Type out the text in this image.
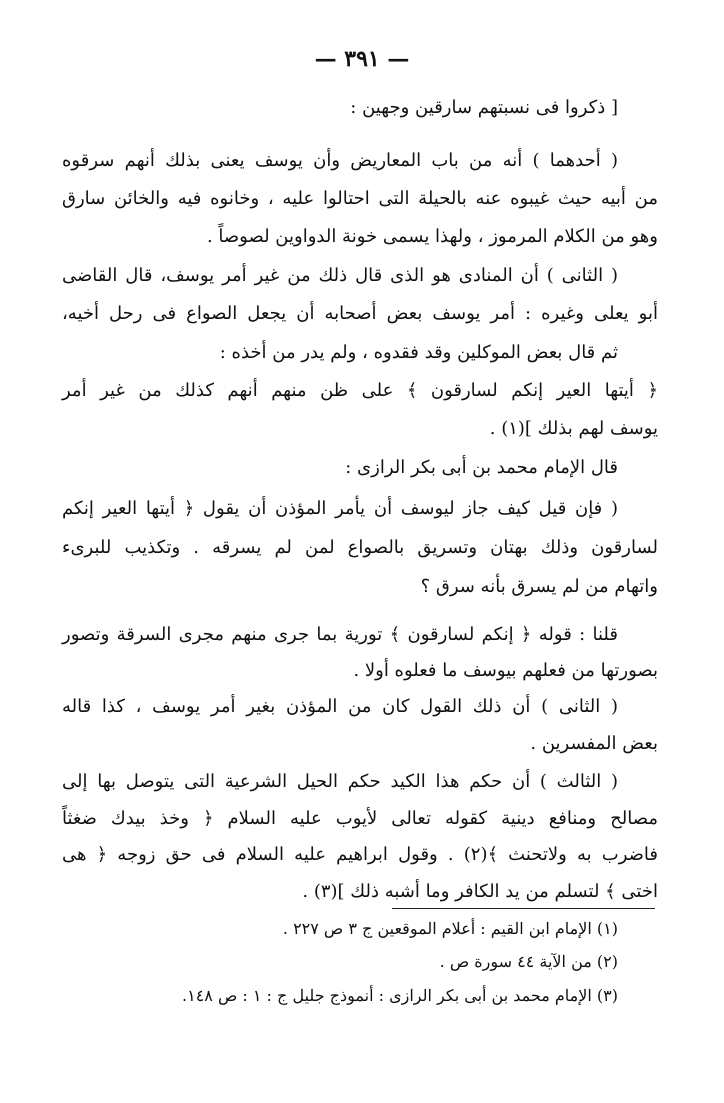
— ٣٩١ —
[ ذكروا فى نسبتهم سارقين وجهين :
( أحدهما ) أنه من باب المعاريض وأن يوسف يعنى بذلك أنهم سرقوه
من أبيه حيث غيبوه عنه بالحيلة التى احتالوا عليه ، وخانوه فيه والخائن سارق
وهو من الكلام المرموز ، ولهذا يسمى خونة الدواوين لصوصاً .
( الثانى ) أن المنادى هو الذى قال ذلك من غير أمر يوسف، قال القاضى
أبو يعلى وغيره : أمر يوسف بعض أصحابه أن يجعل الصواع فى رحل أخيه،
ثم قال بعض الموكلين وقد فقدوه ، ولم يدر من أخذه :
﴿ أيتها العير إنكم لسارقون ﴾ على ظن منهم أنهم كذلك من غير أمر
يوسف لهم بذلك ](١) .
قال الإمام محمد بن أبى بكر الرازى :
( فإن قيل كيف جاز ليوسف أن يأمر المؤذن أن يقول ﴿ أيتها العير إنكم
لسارقون وذلك بهتان وتسريق بالصواع لمن لم يسرقه . وتكذيب للبرىء
واتهام من لم يسرق بأنه سرق ؟
قلنا : قوله ﴿ إنكم لسارقون ﴾ تورية بما جرى منهم مجرى السرقة وتصور
بصورتها من فعلهم بيوسف ما فعلوه أولا .
( الثانى ) أن ذلك القول كان من المؤذن بغير أمر يوسف ، كذا قاله
بعض المفسرين .
( الثالث ) أن حكم هذا الكيد حكم الحيل الشرعية التى يتوصل بها إلى
مصالح ومنافع دينية كقوله تعالى لأيوب عليه السلام ﴿ وخذ بيدك ضغثاً
فاضرب به ولاتحنث ﴾(٢) . وقول ابراهيم عليه السلام فى حق زوجه ﴿ هى
اختى ﴾ لتسلم من يد الكافر وما أشبه ذلك ](٣) .
(١) الإمام ابن القيم : أعلام الموقعين ج ٣ ص ٢٢٧ .
(٢) من الآية ٤٤ سورة ص .
(٣) الإمام محمد بن أبى بكر الرازى : أنموذج جليل ج : ١ : ص ١٤٨.
